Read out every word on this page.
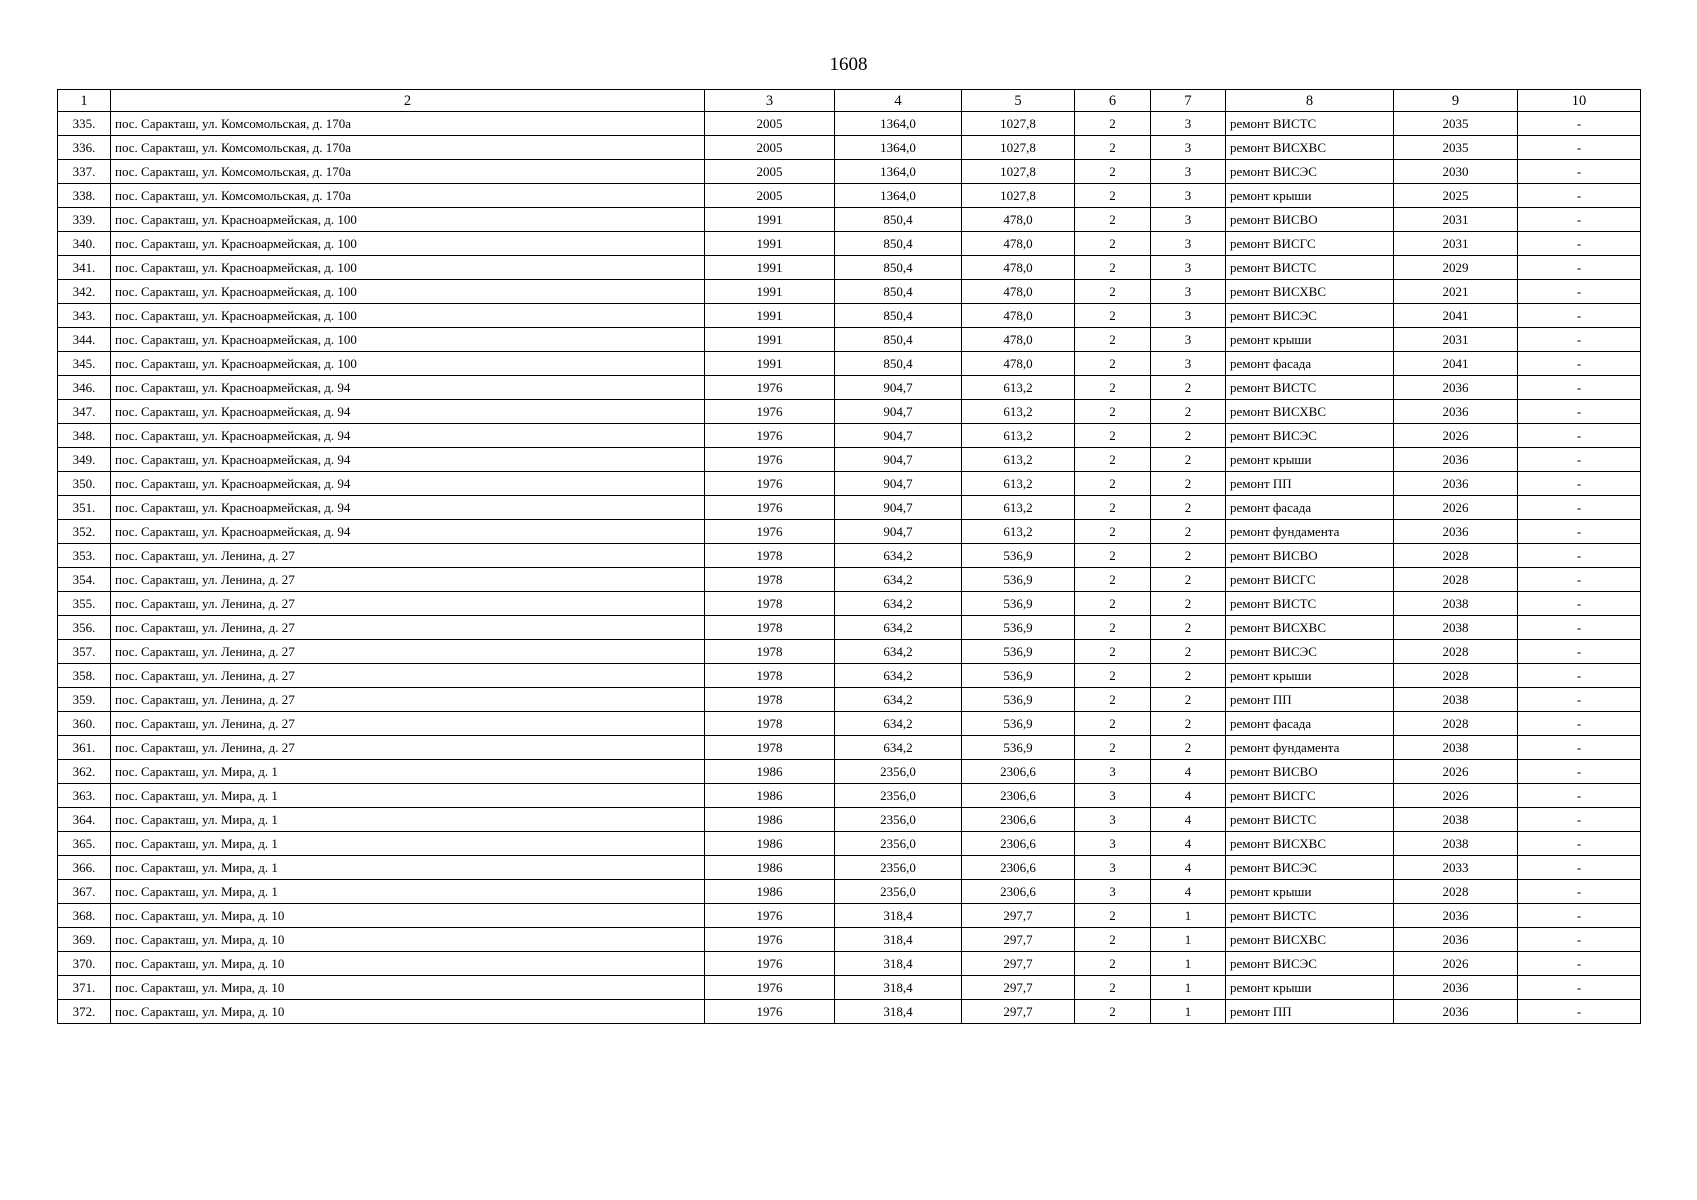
1608
1	2	3	4	5	6	7	8	9	10
335.	пос. Саракташ, ул. Комсомольская, д. 170а	2005	1364,0	1027,8	2	3	ремонт ВИСТС	2035	-
336.	пос. Саракташ, ул. Комсомольская, д. 170а	2005	1364,0	1027,8	2	3	ремонт ВИСХВС	2035	-
337.	пос. Саракташ, ул. Комсомольская, д. 170а	2005	1364,0	1027,8	2	3	ремонт ВИСЭС	2030	-
338.	пос. Саракташ, ул. Комсомольская, д. 170а	2005	1364,0	1027,8	2	3	ремонт крыши	2025	-
339.	пос. Саракташ, ул. Красноармейская, д. 100	1991	850,4	478,0	2	3	ремонт ВИСВО	2031	-
340.	пос. Саракташ, ул. Красноармейская, д. 100	1991	850,4	478,0	2	3	ремонт ВИСГС	2031	-
341.	пос. Саракташ, ул. Красноармейская, д. 100	1991	850,4	478,0	2	3	ремонт ВИСТС	2029	-
342.	пос. Саракташ, ул. Красноармейская, д. 100	1991	850,4	478,0	2	3	ремонт ВИСХВС	2021	-
343.	пос. Саракташ, ул. Красноармейская, д. 100	1991	850,4	478,0	2	3	ремонт ВИСЭС	2041	-
344.	пос. Саракташ, ул. Красноармейская, д. 100	1991	850,4	478,0	2	3	ремонт крыши	2031	-
345.	пос. Саракташ, ул. Красноармейская, д. 100	1991	850,4	478,0	2	3	ремонт фасада	2041	-
346.	пос. Саракташ, ул. Красноармейская, д. 94	1976	904,7	613,2	2	2	ремонт ВИСТС	2036	-
347.	пос. Саракташ, ул. Красноармейская, д. 94	1976	904,7	613,2	2	2	ремонт ВИСХВС	2036	-
348.	пос. Саракташ, ул. Красноармейская, д. 94	1976	904,7	613,2	2	2	ремонт ВИСЭС	2026	-
349.	пос. Саракташ, ул. Красноармейская, д. 94	1976	904,7	613,2	2	2	ремонт крыши	2036	-
350.	пос. Саракташ, ул. Красноармейская, д. 94	1976	904,7	613,2	2	2	ремонт ПП	2036	-
351.	пос. Саракташ, ул. Красноармейская, д. 94	1976	904,7	613,2	2	2	ремонт фасада	2026	-
352.	пос. Саракташ, ул. Красноармейская, д. 94	1976	904,7	613,2	2	2	ремонт фундамента	2036	-
353.	пос. Саракташ, ул. Ленина, д. 27	1978	634,2	536,9	2	2	ремонт ВИСВО	2028	-
354.	пос. Саракташ, ул. Ленина, д. 27	1978	634,2	536,9	2	2	ремонт ВИСГС	2028	-
355.	пос. Саракташ, ул. Ленина, д. 27	1978	634,2	536,9	2	2	ремонт ВИСТС	2038	-
356.	пос. Саракташ, ул. Ленина, д. 27	1978	634,2	536,9	2	2	ремонт ВИСХВС	2038	-
357.	пос. Саракташ, ул. Ленина, д. 27	1978	634,2	536,9	2	2	ремонт ВИСЭС	2028	-
358.	пос. Саракташ, ул. Ленина, д. 27	1978	634,2	536,9	2	2	ремонт крыши	2028	-
359.	пос. Саракташ, ул. Ленина, д. 27	1978	634,2	536,9	2	2	ремонт ПП	2038	-
360.	пос. Саракташ, ул. Ленина, д. 27	1978	634,2	536,9	2	2	ремонт фасада	2028	-
361.	пос. Саракташ, ул. Ленина, д. 27	1978	634,2	536,9	2	2	ремонт фундамента	2038	-
362.	пос. Саракташ, ул. Мира, д. 1	1986	2356,0	2306,6	3	4	ремонт ВИСВО	2026	-
363.	пос. Саракташ, ул. Мира, д. 1	1986	2356,0	2306,6	3	4	ремонт ВИСГС	2026	-
364.	пос. Саракташ, ул. Мира, д. 1	1986	2356,0	2306,6	3	4	ремонт ВИСТС	2038	-
365.	пос. Саракташ, ул. Мира, д. 1	1986	2356,0	2306,6	3	4	ремонт ВИСХВС	2038	-
366.	пос. Саракташ, ул. Мира, д. 1	1986	2356,0	2306,6	3	4	ремонт ВИСЭС	2033	-
367.	пос. Саракташ, ул. Мира, д. 1	1986	2356,0	2306,6	3	4	ремонт крыши	2028	-
368.	пос. Саракташ, ул. Мира, д. 10	1976	318,4	297,7	2	1	ремонт ВИСТС	2036	-
369.	пос. Саракташ, ул. Мира, д. 10	1976	318,4	297,7	2	1	ремонт ВИСХВС	2036	-
370.	пос. Саракташ, ул. Мира, д. 10	1976	318,4	297,7	2	1	ремонт ВИСЭС	2026	-
371.	пос. Саракташ, ул. Мира, д. 10	1976	318,4	297,7	2	1	ремонт крыши	2036	-
372.	пос. Саракташ, ул. Мира, д. 10	1976	318,4	297,7	2	1	ремонт ПП	2036	-
